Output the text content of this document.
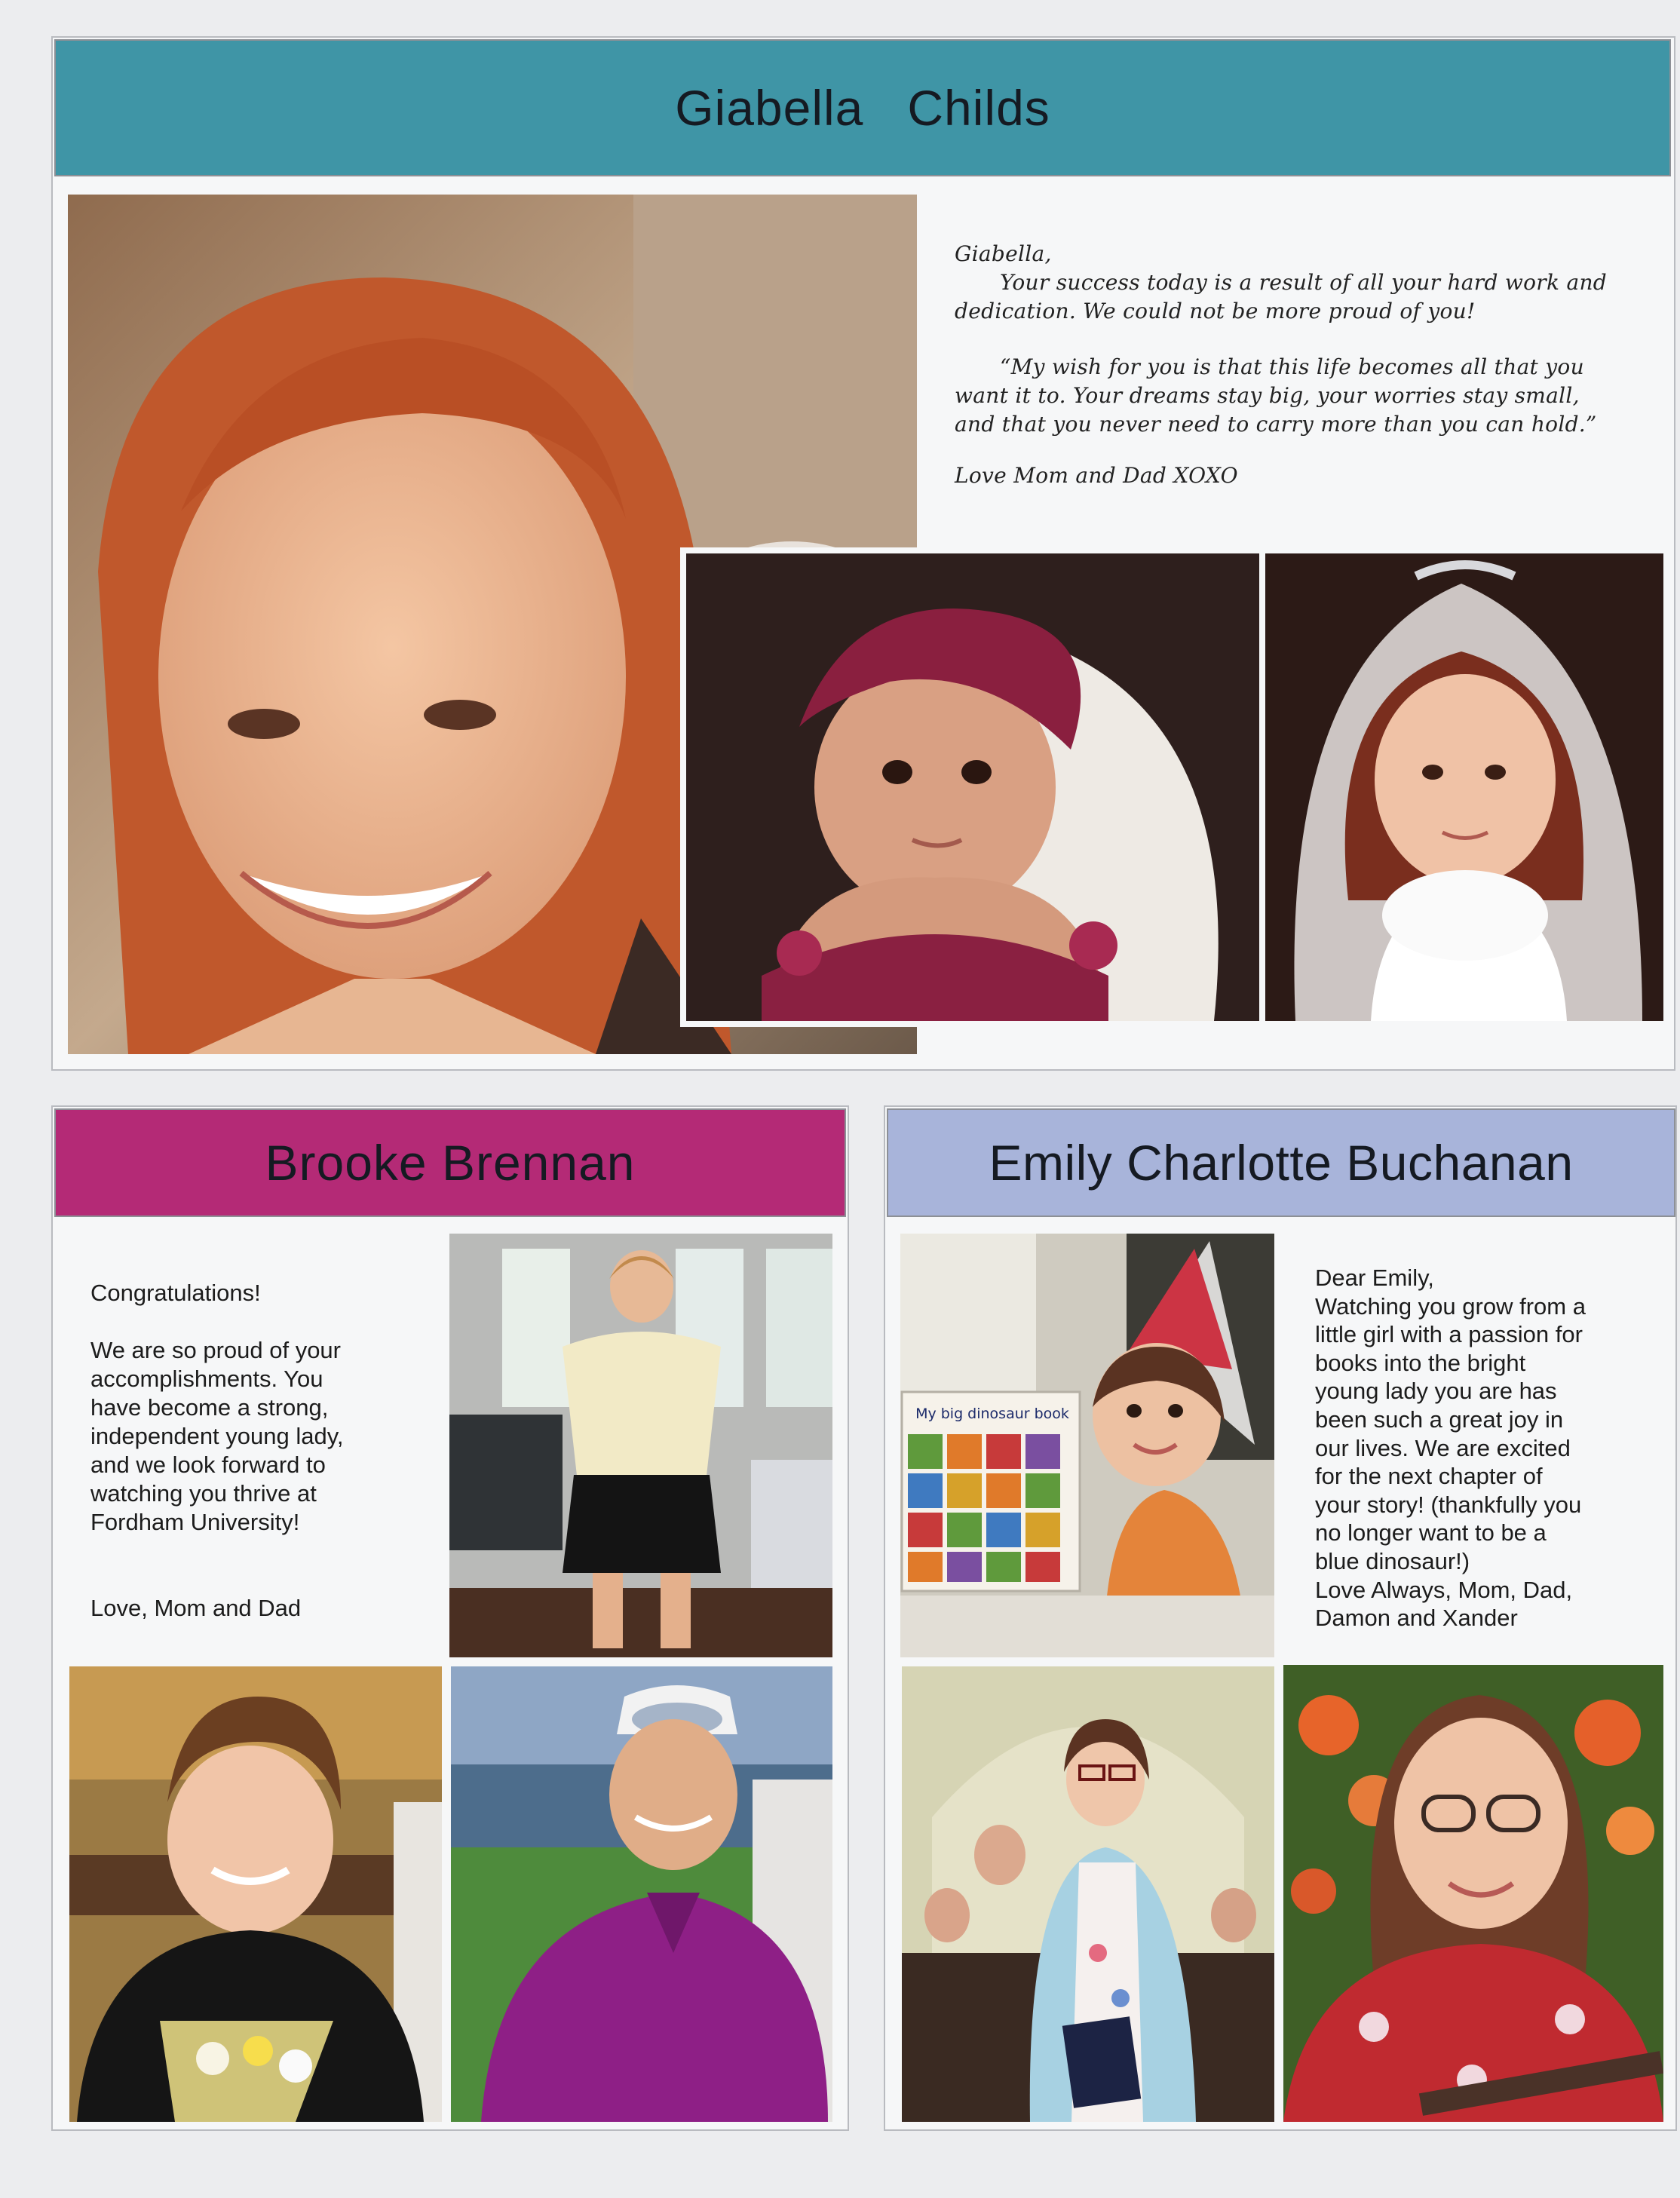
Giabella   Childs

Giabella,

Your success today is a result of all your hard work and

dedication. We could not be more proud of you!

“My wish for you is that this life becomes all that you

want it to. Your dreams stay big, your worries stay small,

and that you never need to carry more than you can hold.”

Love Mom and Dad XOXO

Brooke Brennan

Congratulations!

We are so proud of your

accomplishments. You

have become a strong,

independent young lady,

and we look forward to

watching you thrive at

Fordham University!

Love, Mom and Dad

Emily Charlotte Buchanan
My big dinosaur book

Dear Emily,

Watching you grow from a

little girl with a passion for

books into the bright

young lady you are has

been such a great joy in

our lives. We are excited

for the next chapter of

your story! (thankfully you

no longer want to be a

blue dinosaur!)

Love Always, Mom, Dad,

Damon and Xander
